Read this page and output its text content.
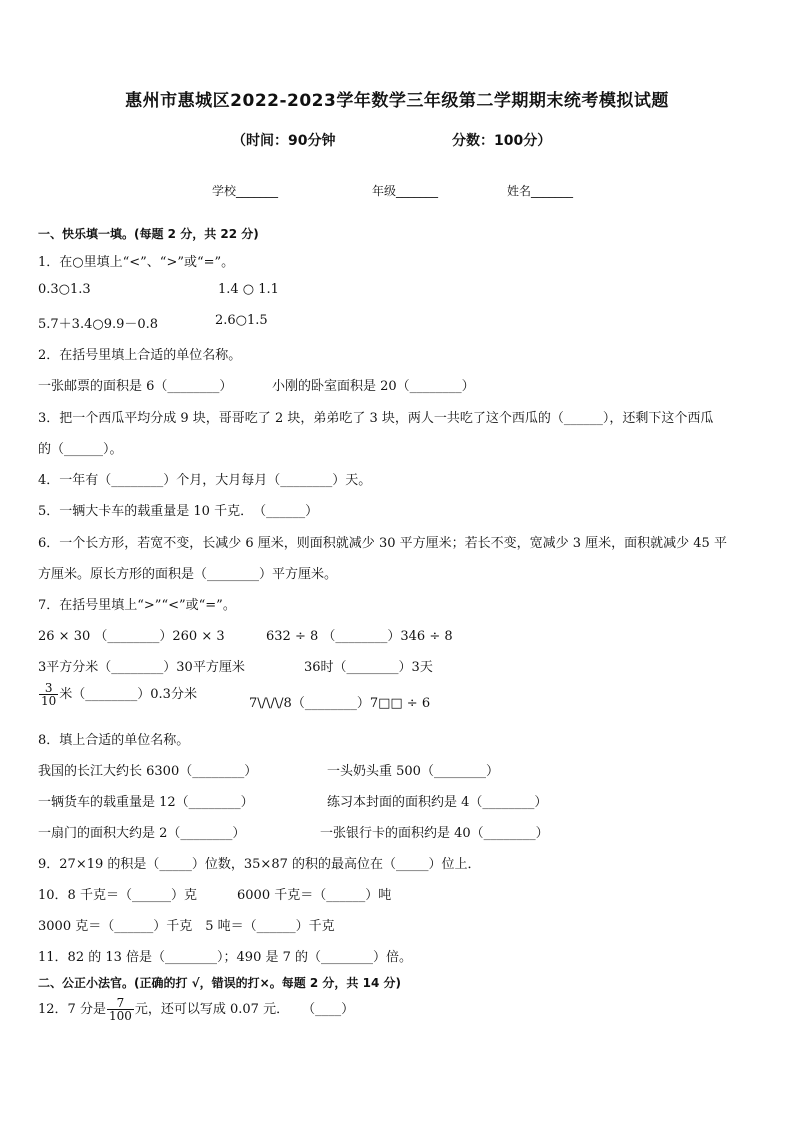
惠州市惠城区2022-2023学年数学三年级第二学期期末统考模拟试题
（时间：90分钟	分数：100分）
学校_______	年级_______	姓名_______
一、快乐填一填。(每题 2 分，共 22 分)
1．在○里填上“<”、“>”或“=”。
0.3○1.3	1.4 ○ 1.1
5.7＋3.4○9.9－0.8	2.6○1.5
2．在括号里填上合适的单位名称。
一张邮票的面积是 6（________）	小刚的卧室面积是 20（________）
3．把一个西瓜平均分成 9 块，哥哥吃了 2 块，弟弟吃了 3 块，两人一共吃了这个西瓜的（______），还剩下这个西瓜
的（______）。
4．一年有（________）个月，大月每月（________）天。
5．一辆大卡车的载重量是 10 千克．　（______）
6．一个长方形，若宽不变，长减少 6 厘米，则面积就减少 30 平方厘米；若长不变，宽减少 3 厘米，面积就减少 45 平
方厘米。原长方形的面积是（________）平方厘米。
7．在括号里填上“>”“<”或“=”。
26 × 30 （________）260 × 3	632 ÷ 8 （________）346 ÷ 8
3平方分米（________）30平方厘米	36时（________）3天
$\frac{3}{10}$ 米（________）0.3分米
7\/\/\/8（________）7□□ ÷ 6
8．填上合适的单位名称。
我国的长江大约长 6300（________）	一头奶头重 500（________）
一辆货车的载重量是 12（________）	练习本封面的面积约是 4（________）
一扇门的面积大约是 2（________）	一张银行卡的面积约是 40（________）
9．27×19 的积是（_____）位数，35×87 的积的最高位在（_____）位上．
10．8 千克＝（______）克	6000 千克＝（______）吨
3000 克＝（______）千克　5 吨＝（______）千克
11．82 的 13 倍是（________）；490 是 7 的（________）倍。
二、公正小法官。(正确的打 √，错误的打×。每题 2 分，共 14 分)
12．7 分是 $\frac{7}{100}$ 元，还可以写成 0.07 元．　　（____）
